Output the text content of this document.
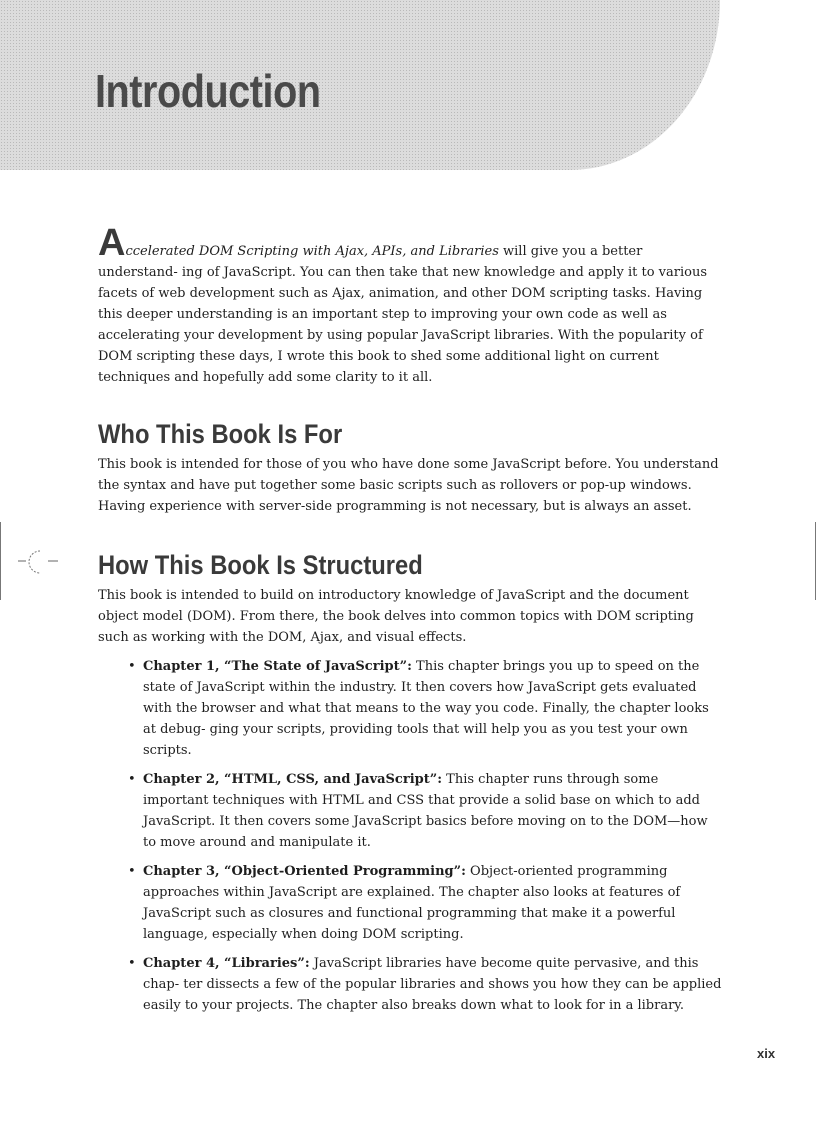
Introduction

Accelerated DOM Scripting with Ajax, APIs, and Libraries will give you a better understand- ing of JavaScript. You can then take that new knowledge and apply it to various facets of web development such as Ajax, animation, and other DOM scripting tasks. Having this deeper understanding is an important step to improving your own code as well as accelerating your development by using popular JavaScript libraries. With the popularity of DOM scripting these days, I wrote this book to shed some additional light on current techniques and hopefully add some clarity to it all.

Who This Book Is For

This book is intended for those of you who have done some JavaScript before. You understand the syntax and have put together some basic scripts such as rollovers or pop-up windows. Having experience with server-side programming is not necessary, but is always an asset.

How This Book Is Structured

This book is intended to build on introductory knowledge of JavaScript and the document object model (DOM). From there, the book delves into common topics with DOM scripting such as working with the DOM, Ajax, and visual effects.

• Chapter 1, “The State of JavaScript”: This chapter brings you up to speed on the state of JavaScript within the industry. It then covers how JavaScript gets evaluated with the browser and what that means to the way you code. Finally, the chapter looks at debug- ging your scripts, providing tools that will help you as you test your own scripts.
• Chapter 2, “HTML, CSS, and JavaScript”: This chapter runs through some important techniques with HTML and CSS that provide a solid base on which to add JavaScript. It then covers some JavaScript basics before moving on to the DOM—how to move around and manipulate it.
• Chapter 3, “Object-Oriented Programming”: Object-oriented programming approaches within JavaScript are explained. The chapter also looks at features of JavaScript such as closures and functional programming that make it a powerful language, especially when doing DOM scripting.
• Chapter 4, “Libraries”: JavaScript libraries have become quite pervasive, and this chap- ter dissects a few of the popular libraries and shows you how they can be applied easily to your projects. The chapter also breaks down what to look for in a library.
xix
